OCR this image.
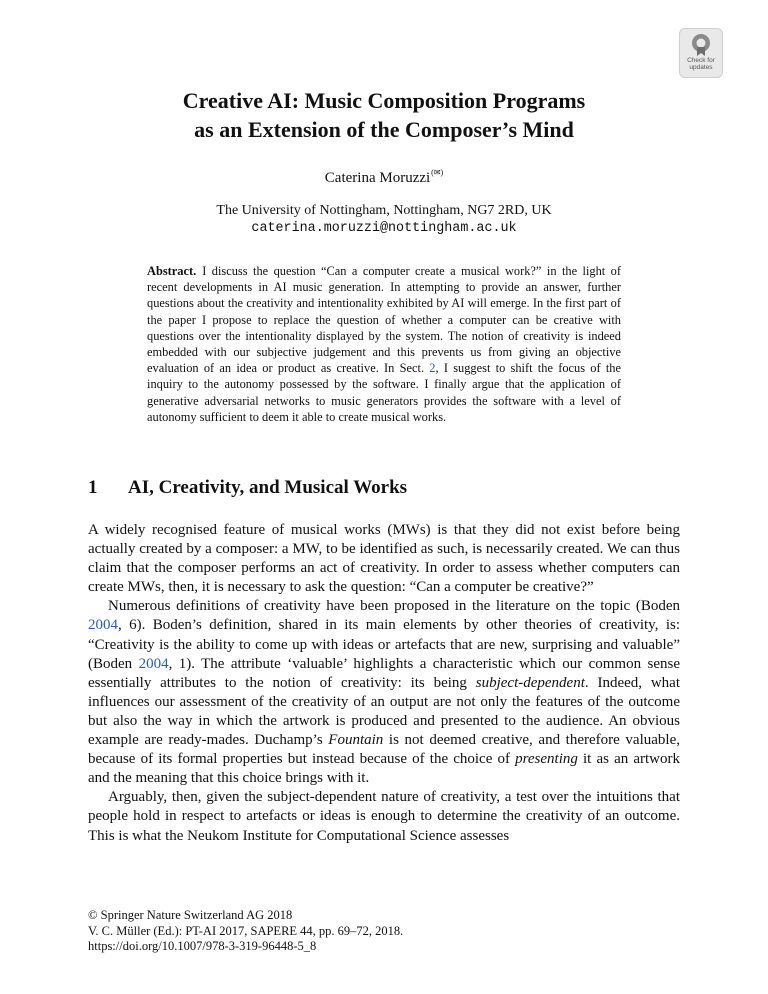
Check for
updates
Creative AI: Music Composition Programs
as an Extension of the Composer’s Mind
Caterina Moruzzi(✉)
The University of Nottingham, Nottingham, NG7 2RD, UK
caterina.moruzzi@nottingham.ac.uk
Abstract. I discuss the question “Can a computer create a musical work?” in the light of recent developments in AI music generation. In attempting to provide an answer, further questions about the creativity and intentionality exhibited by AI will emerge. In the first part of the paper I propose to replace the question of whether a computer can be creative with questions over the intentionality displayed by the system. The notion of creativity is indeed embedded with our subjective judgement and this prevents us from giving an objective evaluation of an idea or product as creative. In Sect. 2, I suggest to shift the focus of the inquiry to the autonomy possessed by the software. I finally argue that the application of generative adversarial networks to music generators provides the software with a level of autonomy sufficient to deem it able to create musical works.
1 AI, Creativity, and Musical Works

A widely recognised feature of musical works (MWs) is that they did not exist before being actually created by a composer: a MW, to be identified as such, is necessarily created. We can thus claim that the composer performs an act of creativity. In order to assess whether computers can create MWs, then, it is necessary to ask the question: “Can a computer be creative?”

Numerous definitions of creativity have been proposed in the literature on the topic (Boden 2004, 6). Boden’s definition, shared in its main elements by other theories of creativity, is: “Creativity is the ability to come up with ideas or artefacts that are new, surprising and valuable” (Boden 2004, 1). The attribute ‘valuable’ highlights a characteristic which our common sense essentially attributes to the notion of creativity: its being subject-dependent. Indeed, what influences our assessment of the creativity of an output are not only the features of the outcome but also the way in which the artwork is produced and presented to the audience. An obvious example are ready-mades. Duchamp’s Fountain is not deemed creative, and therefore valuable, because of its formal properties but instead because of the choice of presenting it as an artwork and the meaning that this choice brings with it.

Arguably, then, given the subject-dependent nature of creativity, a test over the intuitions that people hold in respect to artefacts or ideas is enough to determine the creativity of an outcome. This is what the Neukom Institute for Computational Science assesses

© Springer Nature Switzerland AG 2018
V. C. Müller (Ed.): PT-AI 2017, SAPERE 44, pp. 69–72, 2018.
https://doi.org/10.1007/978-3-319-96448-5_8
